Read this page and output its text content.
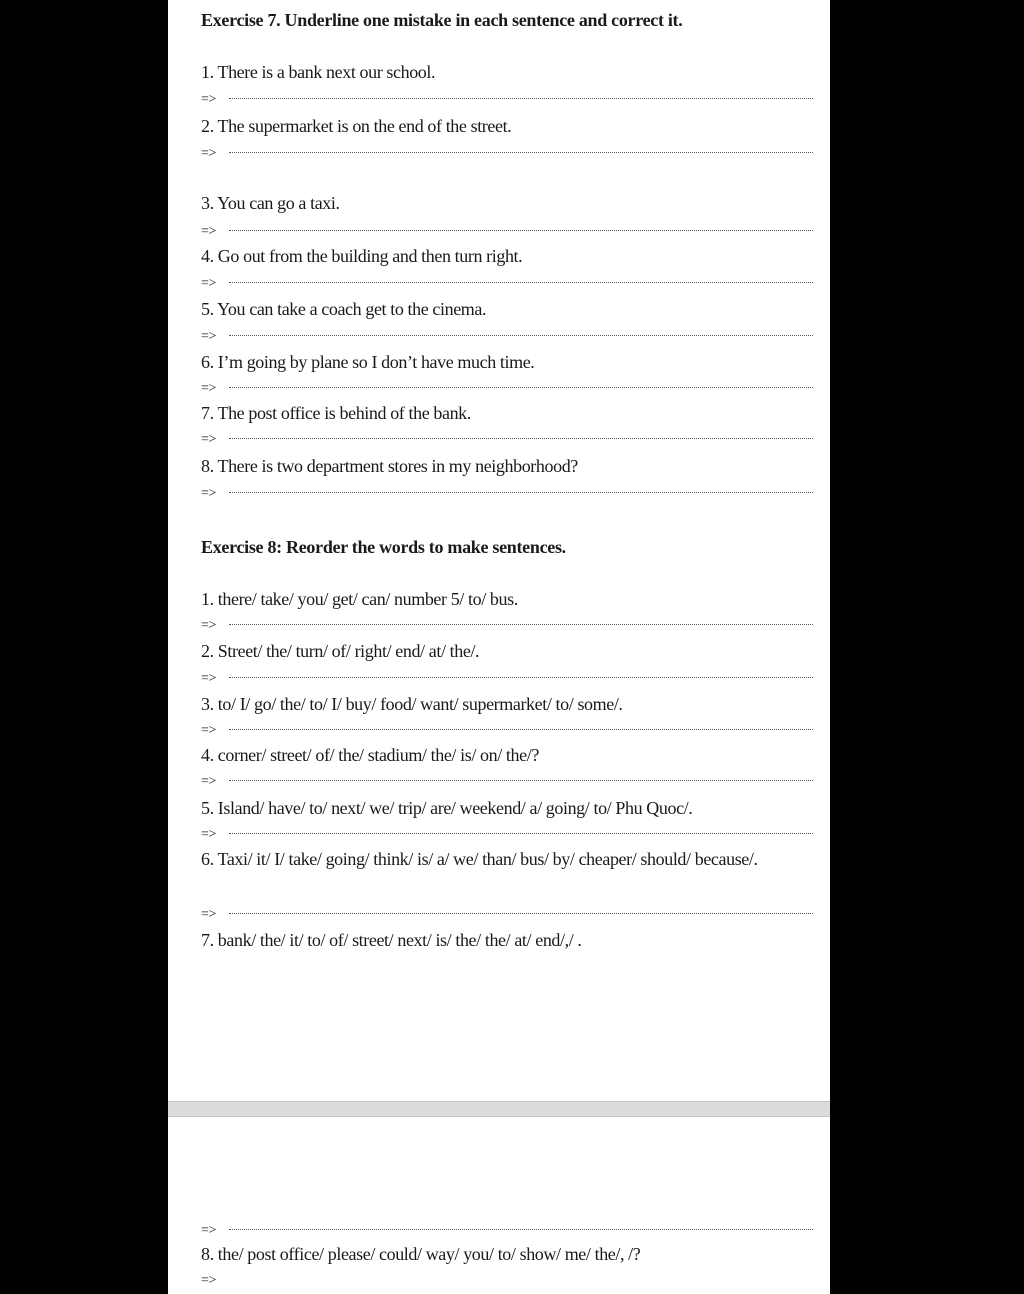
Exercise 7. Underline one mistake in each sentence and correct it.
1. There is a bank next our school.
=>
2. The supermarket is on the end of the street.
=>
3. You can go a taxi.
=>
4. Go out from the building and then turn right.
=>
5. You can take a coach get to the cinema.
=>
6. I’m going by plane so I don’t have much time.
=>
7. The post office is behind of the bank.
=>
8. There is two department stores in my neighborhood?
=>
Exercise 8: Reorder the words to make sentences.
1. there/ take/ you/ get/ can/ number 5/ to/ bus.
=>
2. Street/ the/ turn/ of/ right/ end/ at/ the/.
=>
3. to/ I/ go/ the/ to/ I/ buy/ food/ want/ supermarket/ to/ some/.
=>
4. corner/ street/ of/ the/ stadium/ the/ is/ on/ the/?
=>
5. Island/ have/ to/ next/ we/ trip/ are/ weekend/ a/ going/ to/ Phu Quoc/.
=>
6. Taxi/ it/ I/ take/ going/ think/ is/ a/ we/ than/ bus/ by/ cheaper/ should/ because/.
=>
7. bank/ the/ it/ to/ of/ street/ next/ is/ the/ the/ at/ end/,/ .
=>
8. the/ post office/ please/ could/ way/ you/ to/ show/ me/ the/, /?
=>
